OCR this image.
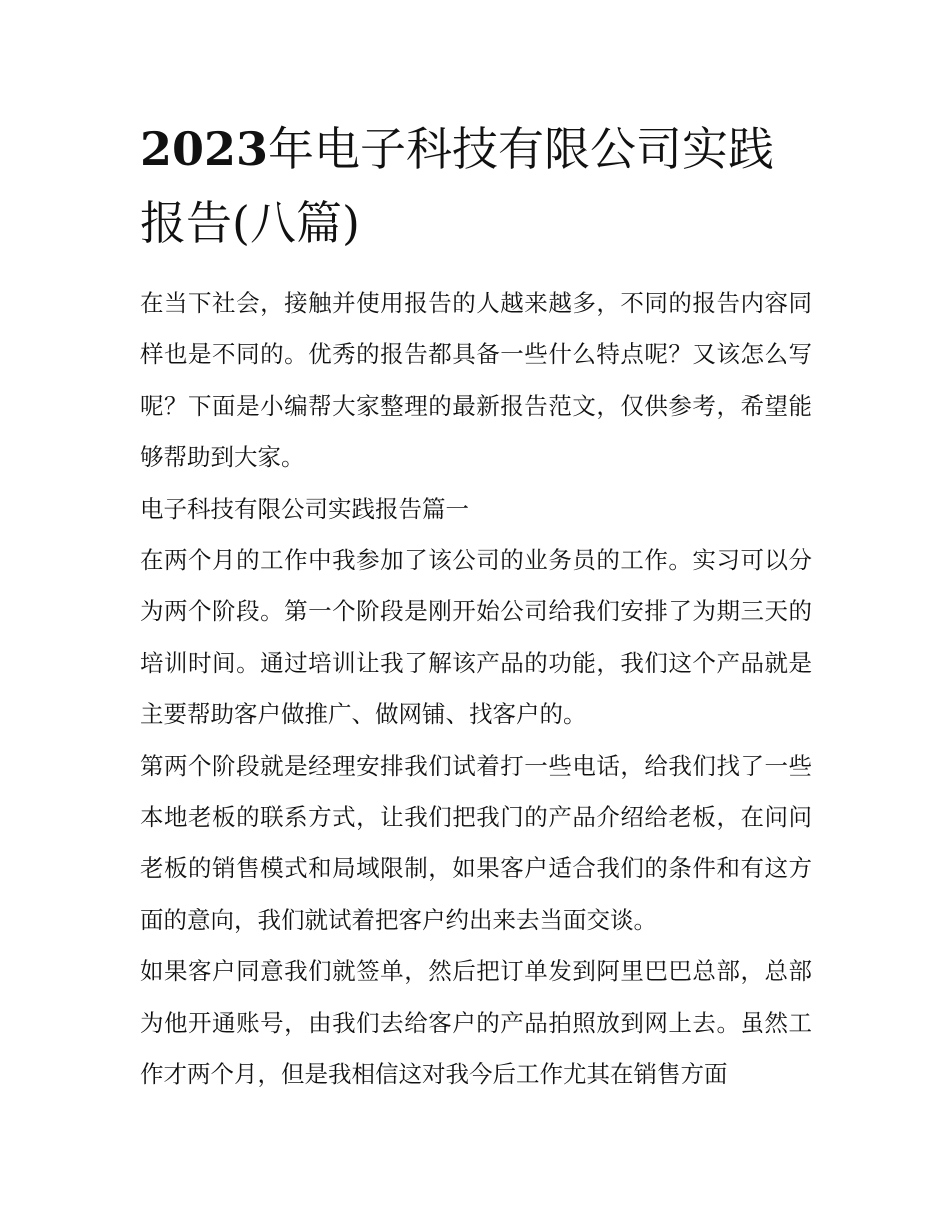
2023年电子科技有限公司实践报告(八篇)

在当下社会，接触并使用报告的人越来越多，不同的报告内容同样也是不同的。优秀的报告都具备一些什么特点呢？又该怎么写呢？下面是小编帮大家整理的最新报告范文，仅供参考，希望能够帮助到大家。

电子科技有限公司实践报告篇一

在两个月的工作中我参加了该公司的业务员的工作。实习可以分为两个阶段。第一个阶段是刚开始公司给我们安排了为期三天的培训时间。通过培训让我了解该产品的功能，我们这个产品就是主要帮助客户做推广、做网铺、找客户的。

第两个阶段就是经理安排我们试着打一些电话，给我们找了一些本地老板的联系方式，让我们把我门的产品介绍给老板，在问问老板的销售模式和局域限制，如果客户适合我们的条件和有这方面的意向，我们就试着把客户约出来去当面交谈。

如果客户同意我们就签单，然后把订单发到阿里巴巴总部，总部为他开通账号，由我们去给客户的产品拍照放到网上去。虽然工作才两个月，但是我相信这对我今后工作尤其在销售方面
